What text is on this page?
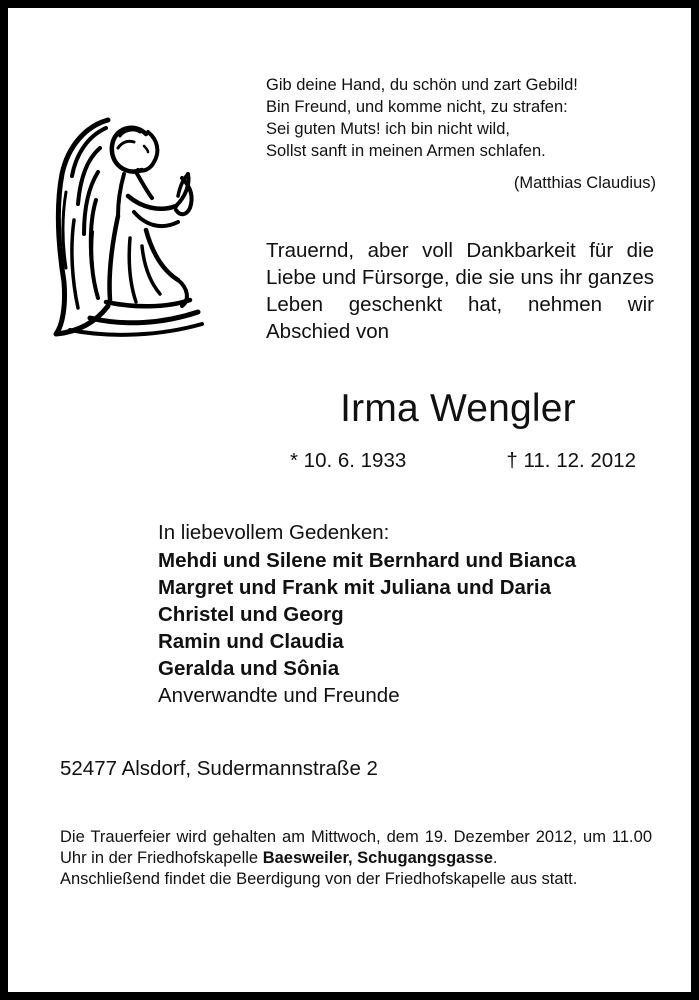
Gib deine Hand, du schön und zart Gebild!
Bin Freund, und komme nicht, zu strafen:
Sei guten Muts! ich bin nicht wild,
Sollst sanft in meinen Armen schlafen.
(Matthias Claudius)
Trauernd, aber voll Dankbarkeit für die Liebe und Fürsorge, die sie uns ihr ganzes Leben geschenkt hat, nehmen wir Abschied von
Irma Wengler
* 10. 6. 1933	† 11. 12. 2012
In liebevollem Gedenken:
Mehdi und Silene mit Bernhard und Bianca
Margret und Frank mit Juliana und Daria
Christel und Georg
Ramin und Claudia
Geralda und Sônia
Anverwandte und Freunde
52477 Alsdorf, Sudermannstraße 2
Die Trauerfeier wird gehalten am Mittwoch, dem 19. Dezember 2012, um 11.00 Uhr in der Friedhofskapelle Baesweiler, Schugangsgasse.
Anschließend findet die Beerdigung von der Friedhofskapelle aus statt.
